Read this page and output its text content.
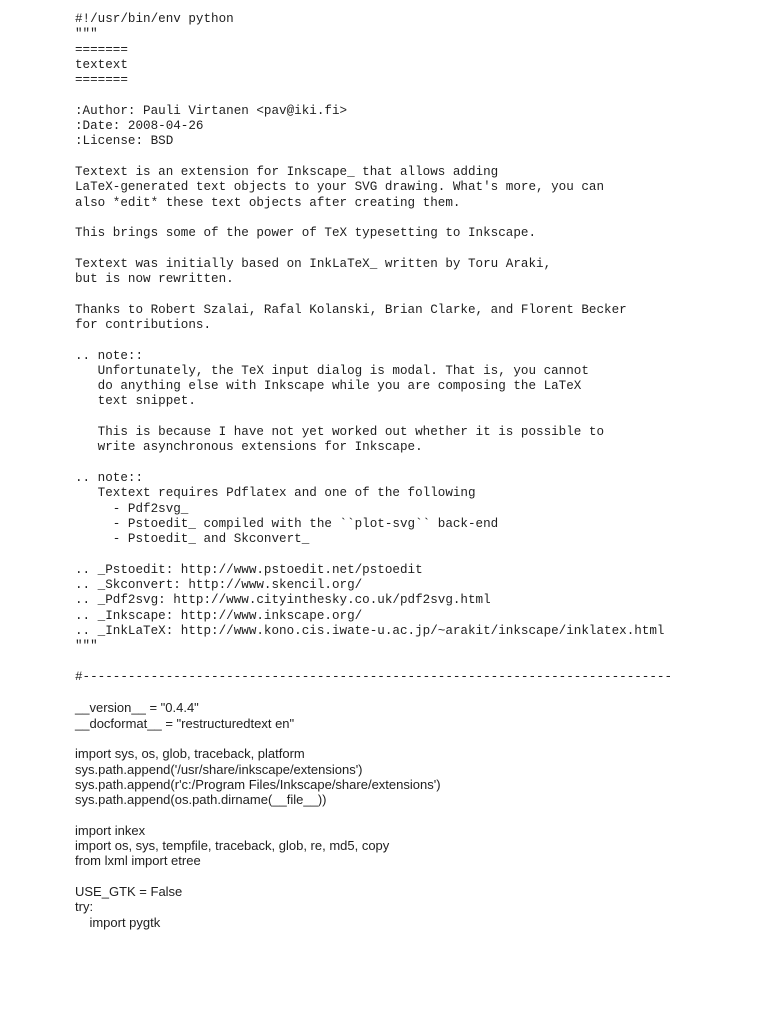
#!/usr/bin/env python
"""
=======
textext
=======
:Author: Pauli Virtanen <pav@iki.fi>
:Date: 2008-04-26
:License: BSD
Textext is an extension for Inkscape_ that allows adding
LaTeX-generated text objects to your SVG drawing. What's more, you can
also *edit* these text objects after creating them.
This brings some of the power of TeX typesetting to Inkscape.
Textext was initially based on InkLaTeX_ written by Toru Araki,
but is now rewritten.
Thanks to Robert Szalai, Rafal Kolanski, Brian Clarke, and Florent Becker
for contributions.
.. note::
Unfortunately, the TeX input dialog is modal. That is, you cannot
do anything else with Inkscape while you are composing the LaTeX
text snippet.
This is because I have not yet worked out whether it is possible to
write asynchronous extensions for Inkscape.
.. note::
Textext requires Pdflatex and one of the following
- Pdf2svg_
- Pstoedit_ compiled with the ``plot-svg`` back-end
- Pstoedit_ and Skconvert_
.. _Pstoedit: http://www.pstoedit.net/pstoedit
.. _Skconvert: http://www.skencil.org/
.. _Pdf2svg: http://www.cityinthesky.co.uk/pdf2svg.html
.. _Inkscape: http://www.inkscape.org/
.. _InkLaTeX: http://www.kono.cis.iwate-u.ac.jp/~arakit/inkscape/inklatex.html
"""
#------------------------------------------------------------------------------
__version__ = "0.4.4"
__docformat__ = "restructuredtext en"
import sys, os, glob, traceback, platform
sys.path.append('/usr/share/inkscape/extensions')
sys.path.append(r'c:/Program Files/Inkscape/share/extensions')
sys.path.append(os.path.dirname(__file__))
import inkex
import os, sys, tempfile, traceback, glob, re, md5, copy
from lxml import etree
USE_GTK = False
try:
import pygtk
